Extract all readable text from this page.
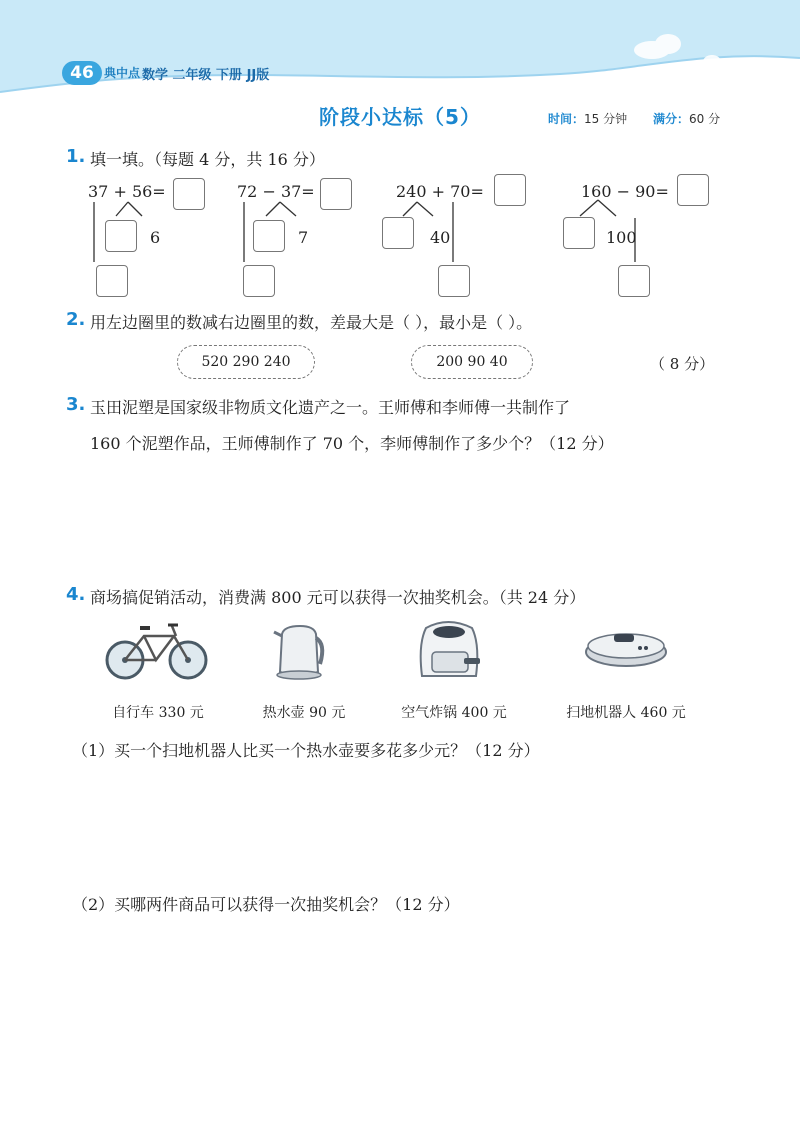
46 典中点 数学 二年级 下册 JJ版
阶段小达标（5）	时间：15 分钟 满分：60 分
1. 填一填。（每题 4 分，共 16 分）
37 + 56=
6
72 − 37=
7
240 + 70=
40
160 − 90=
100
2. 用左边圈里的数减右边圈里的数，差最大是（ ），最小是（ ）。
520 290 240	200 90 40	（ 8 分）
3. 玉田泥塑是国家级非物质文化遗产之一。王师傅和李师傅一共制作了
160 个泥塑作品，王师傅制作了 70 个，李师傅制作了多少个？（12 分）
4. 商场搞促销活动，消费满 800 元可以获得一次抽奖机会。（共 24 分）
自行车 330 元	热水壶 90 元	空气炸锅 400 元	扫地机器人 460 元
（1）买一个扫地机器人比买一个热水壶要多花多少元？（12 分）
（2）买哪两件商品可以获得一次抽奖机会？（12 分）
